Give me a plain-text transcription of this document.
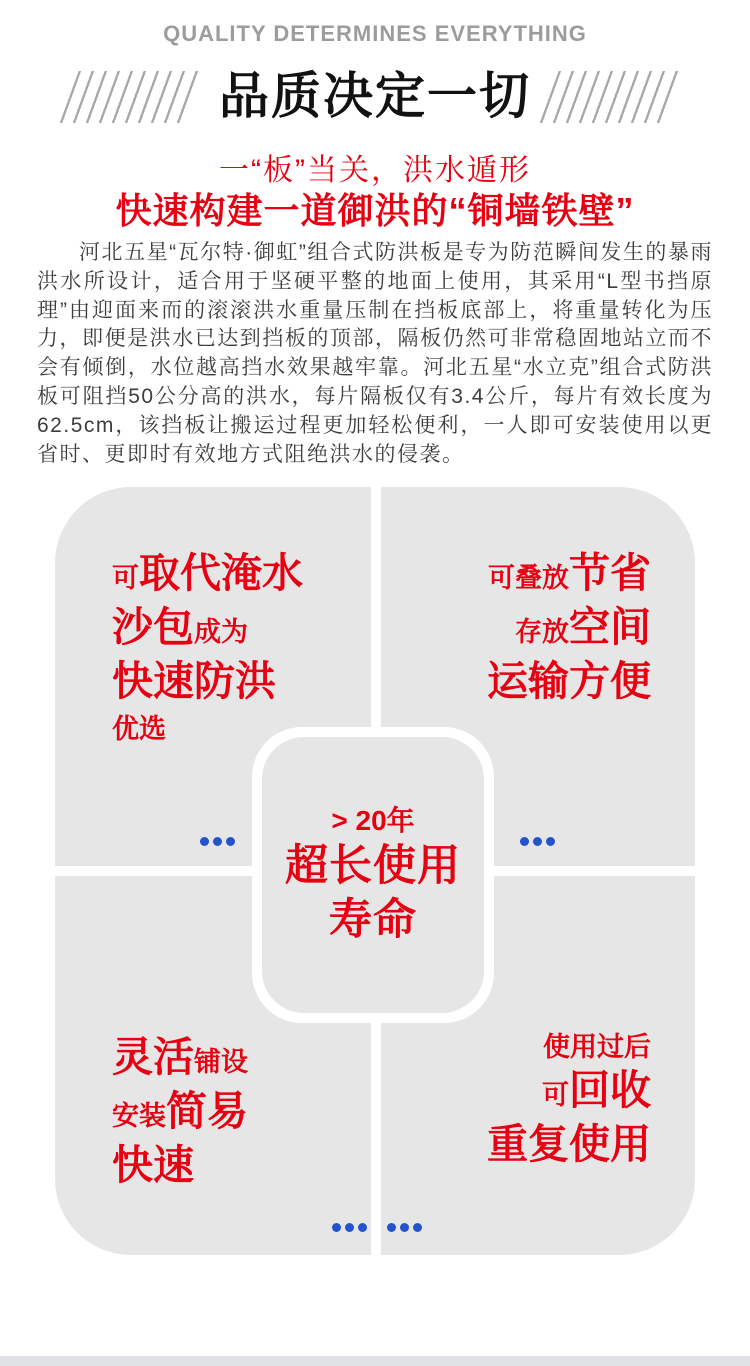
QUALITY DETERMINES EVERYTHING
品质决定一切
一“板”当关，洪水遁形
快速构建一道御洪的“铜墙铁壁”

河北五星“瓦尔特·御虹”组合式防洪板是专为防范瞬间发生的暴雨洪水所设计，适合用于坚硬平整的地面上使用，其采用“L型书挡原理”由迎面来而的滚滚洪水重量压制在挡板底部上，将重量转化为压力，即便是洪水已达到挡板的顶部，隔板仍然可非常稳固地站立而不会有倾倒，水位越高挡水效果越牢靠。河北五星“水立克”组合式防洪板可阻挡50公分高的洪水，每片隔板仅有3.4公斤，每片有效长度为62.5cm，该挡板让搬运过程更加轻松便利，一人即可安装使用以更省时、更即时有效地方式阻绝洪水的侵袭。

可取代淹水
沙包成为
快速防洪
优选
可叠放节省
存放空间
运输方便
灵活铺设
安装简易
快速
使用过后
可回收
重复使用
> 20年
超长使用
寿命
